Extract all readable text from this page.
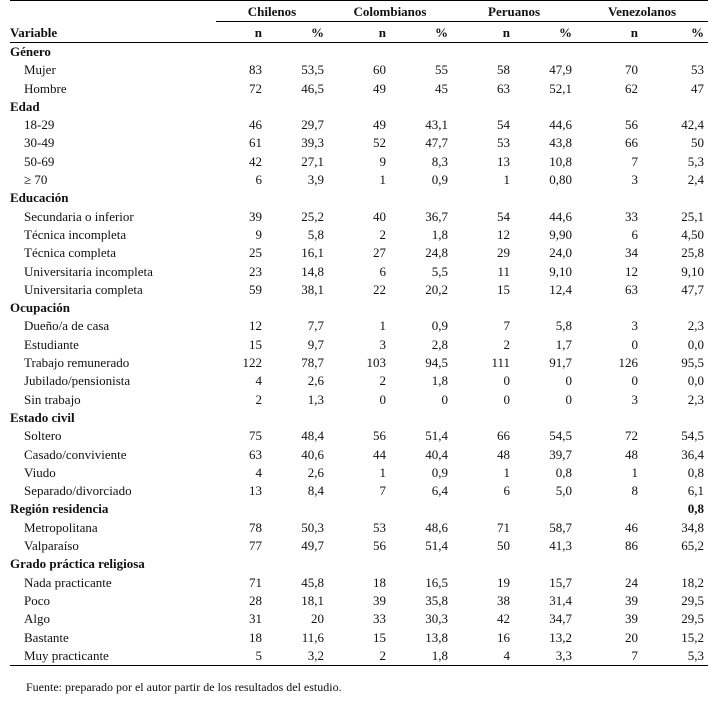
	Chilenos		Colombianos		Peruanos		Venezolanos	
Variable	n	%	n	%	n	%	n	%
Género								
Mujer	83	53,5	60	55	58	47,9	70	53
Hombre	72	46,5	49	45	63	52,1	62	47
Edad								
18-29	46	29,7	49	43,1	54	44,6	56	42,4
30-49	61	39,3	52	47,7	53	43,8	66	50
50-69	42	27,1	9	8,3	13	10,8	7	5,3
≥ 70	6	3,9	1	0,9	1	0,80	3	2,4
Educación								
Secundaria o inferior	39	25,2	40	36,7	54	44,6	33	25,1
Técnica incompleta	9	5,8	2	1,8	12	9,90	6	4,50
Técnica completa	25	16,1	27	24,8	29	24,0	34	25,8
Universitaria incompleta	23	14,8	6	5,5	11	9,10	12	9,10
Universitaria completa	59	38,1	22	20,2	15	12,4	63	47,7
Ocupación								
Dueño/a de casa	12	7,7	1	0,9	7	5,8	3	2,3
Estudiante	15	9,7	3	2,8	2	1,7	0	0,0
Trabajo remunerado	122	78,7	103	94,5	111	91,7	126	95,5
Jubilado/pensionista	4	2,6	2	1,8	0	0	0	0,0
Sin trabajo	2	1,3	0	0	0	0	3	2,3
Estado civil								
Soltero	75	48,4	56	51,4	66	54,5	72	54,5
Casado/conviviente	63	40,6	44	40,4	48	39,7	48	36,4
Viudo	4	2,6	1	0,9	1	0,8	1	0,8
Separado/divorciado	13	8,4	7	6,4	6	5,0	8	6,1
Región residencia								0,8
Metropolitana	78	50,3	53	48,6	71	58,7	46	34,8
Valparaíso	77	49,7	56	51,4	50	41,3	86	65,2
Grado práctica religiosa								
Nada practicante	71	45,8	18	16,5	19	15,7	24	18,2
Poco	28	18,1	39	35,8	38	31,4	39	29,5
Algo	31	20	33	30,3	42	34,7	39	29,5
Bastante	18	11,6	15	13,8	16	13,2	20	15,2
Muy practicante	5	3,2	2	1,8	4	3,3	7	5,3
Fuente: preparado por el autor partir de los resultados del estudio.
